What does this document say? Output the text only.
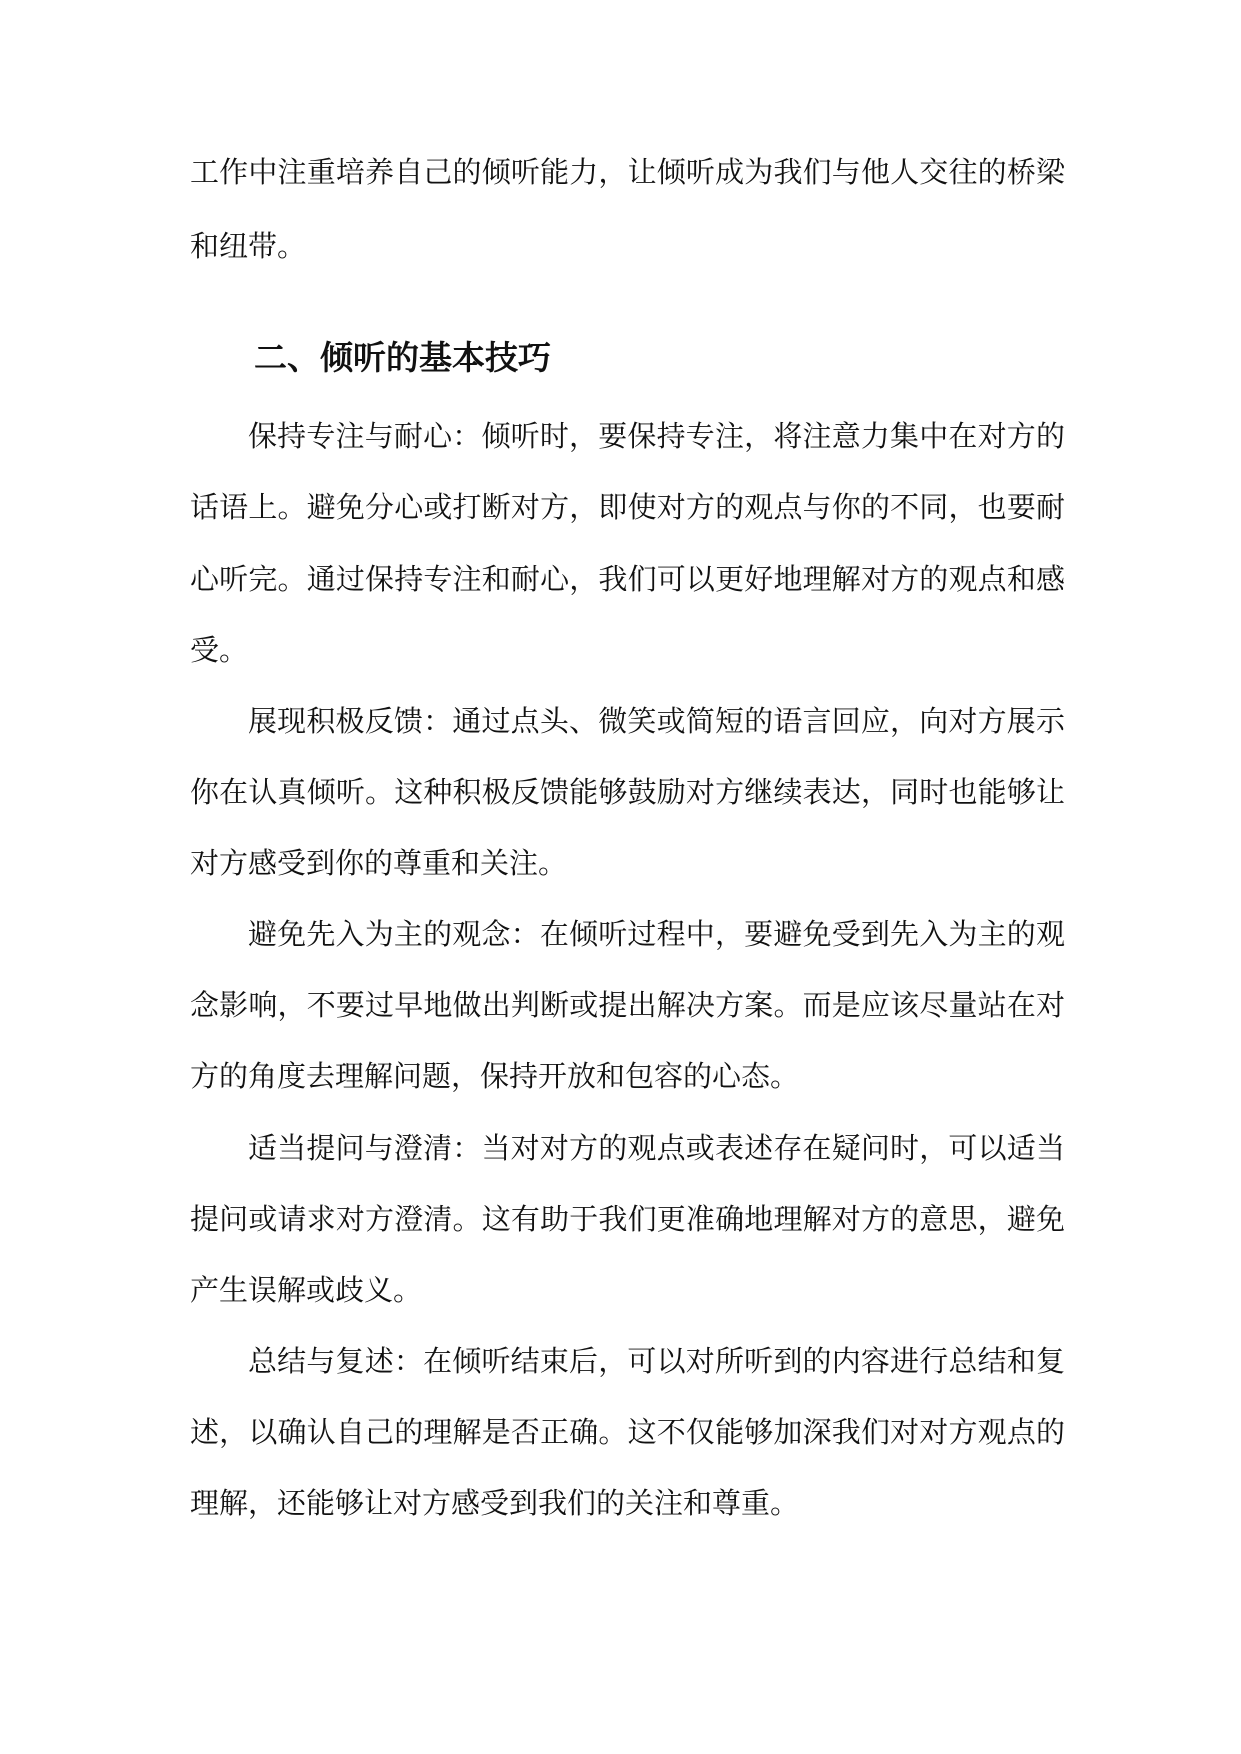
工作中注重培养自己的倾听能力，让倾听成为我们与他人交往的桥梁
和纽带。
二、倾听的基本技巧
保持专注与耐心：倾听时，要保持专注，将注意力集中在对方的
话语上。避免分心或打断对方，即使对方的观点与你的不同，也要耐
心听完。通过保持专注和耐心，我们可以更好地理解对方的观点和感
受。
展现积极反馈：通过点头、微笑或简短的语言回应，向对方展示
你在认真倾听。这种积极反馈能够鼓励对方继续表达，同时也能够让
对方感受到你的尊重和关注。
避免先入为主的观念：在倾听过程中，要避免受到先入为主的观
念影响，不要过早地做出判断或提出解决方案。而是应该尽量站在对
方的角度去理解问题，保持开放和包容的心态。
适当提问与澄清：当对对方的观点或表述存在疑问时，可以适当
提问或请求对方澄清。这有助于我们更准确地理解对方的意思，避免
产生误解或歧义。
总结与复述：在倾听结束后，可以对所听到的内容进行总结和复
述，以确认自己的理解是否正确。这不仅能够加深我们对对方观点的
理解，还能够让对方感受到我们的关注和尊重。
